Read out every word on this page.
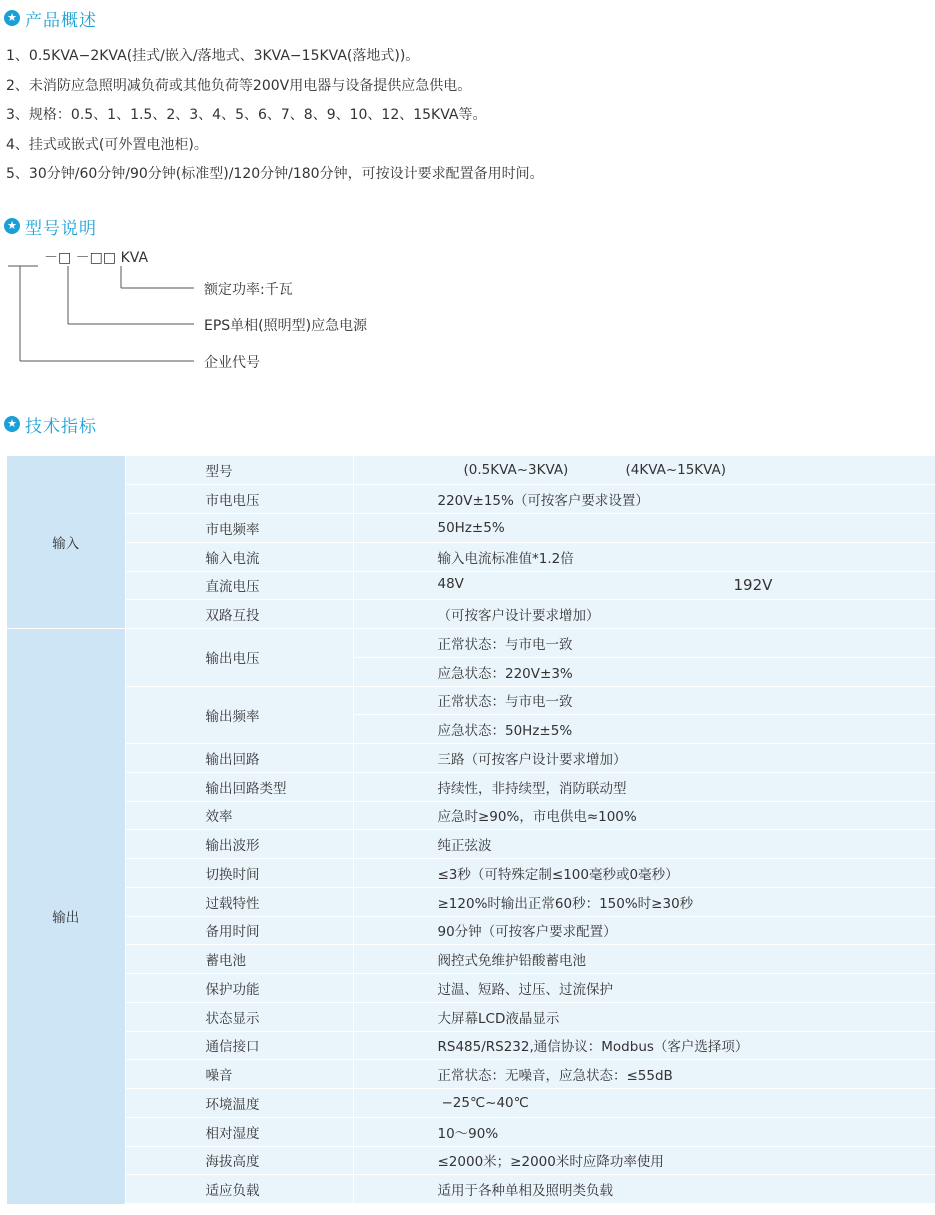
★ 产品概述
1、0.5KVA−2KVA(挂式/嵌入/落地式、3KVA−15KVA(落地式))。
2、未消防应急照明减负荷或其他负荷等200V用电器与设备提供应急供电。
3、规格：0.5、1、1.5、2、3、4、5、6、7、8、9、10、12、15KVA等。
4、挂式或嵌式(可外置电池柜)。
5、30分钟/60分钟/90分钟(标准型)/120分钟/180分钟，可按设计要求配置备用时间。
★ 型号说明
－□ －□□ KVA
额定功率:千瓦
EPS单相(照明型)应急电源
企业代号
★ 技术指标
输入	型号	(0.5KVA~3KVA) (4KVA~15KVA)

	市电电压	220V±15%（可按客户要求设置）
	市电频率	50Hz±5%
	输入电流	输入电流标准值*1.2倍
	直流电压	48V 192V

	双路互投	（可按客户设计要求增加）
输出	输出电压	正常状态：与市电一致
		应急状态：220V±3%
	输出频率	正常状态：与市电一致
		应急状态：50Hz±5%
	输出回路	三路（可按客户设计要求增加）
	输出回路类型	持续性，非持续型，消防联动型
	效率	应急时≥90%，市电供电≈100%
	输出波形	纯正弦波
	切换时间	≤3秒（可特殊定制≤100毫秒或0毫秒）
	过载特性	≥120%时输出正常60秒：150%时≥30秒
	备用时间	90分钟（可按客户要求配置）
	蓄电池	阀控式免维护铅酸蓄电池
	保护功能	过温、短路、过压、过流保护
	状态显示	大屏幕LCD液晶显示
	通信接口	RS485/RS232,通信协议：Modbus（客户选择项）
	噪音	正常状态：无噪音，应急状态：≤55dB
	环境温度	−25℃~40℃
	相对湿度	10～90%
	海拔高度	≤2000米；≥2000米时应降功率使用
	适应负载	适用于各种单相及照明类负载
